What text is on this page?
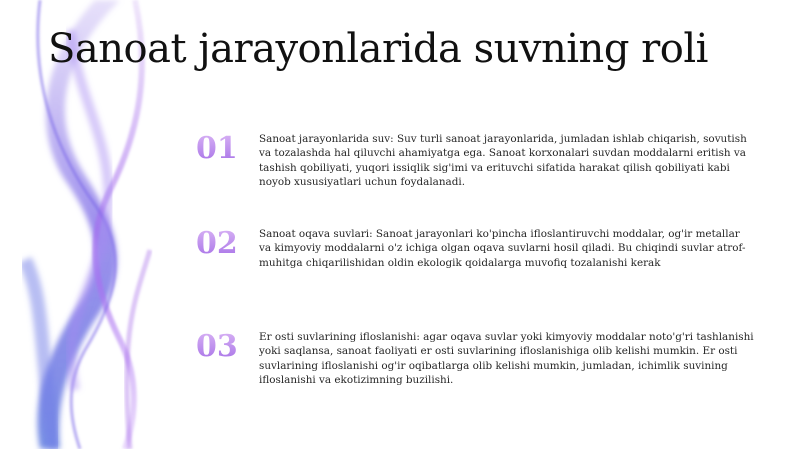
Sanoat jarayonlarida suvning roli
01	Sanoat jarayonlarida suv: Suv turli sanoat jarayonlarida, jumladan ishlab chiqarish, sovutish va tozalashda hal qiluvchi ahamiyatga ega. Sanoat korxonalari suvdan moddalarni eritish va tashish qobiliyati, yuqori issiqlik sig'imi va erituvchi sifatida harakat qilish qobiliyati kabi noyob xususiyatlari uchun foydalanadi.
02	Sanoat oqava suvlari: Sanoat jarayonlari ko'pincha ifloslantiruvchi moddalar, og'ir metallar va kimyoviy moddalarni o'z ichiga olgan oqava suvlarni hosil qiladi. Bu chiqindi suvlar atrof-muhitga chiqarilishidan oldin ekologik qoidalarga muvofiq tozalanishi kerak
03	Er osti suvlarining ifloslanishi: agar oqava suvlar yoki kimyoviy moddalar noto'g'ri tashlanishi yoki saqlansa, sanoat faoliyati er osti suvlarining ifloslanishiga olib kelishi mumkin. Er osti suvlarining ifloslanishi og'ir oqibatlarga olib kelishi mumkin, jumladan, ichimlik suvining ifloslanishi va ekotizimning buzilishi.
